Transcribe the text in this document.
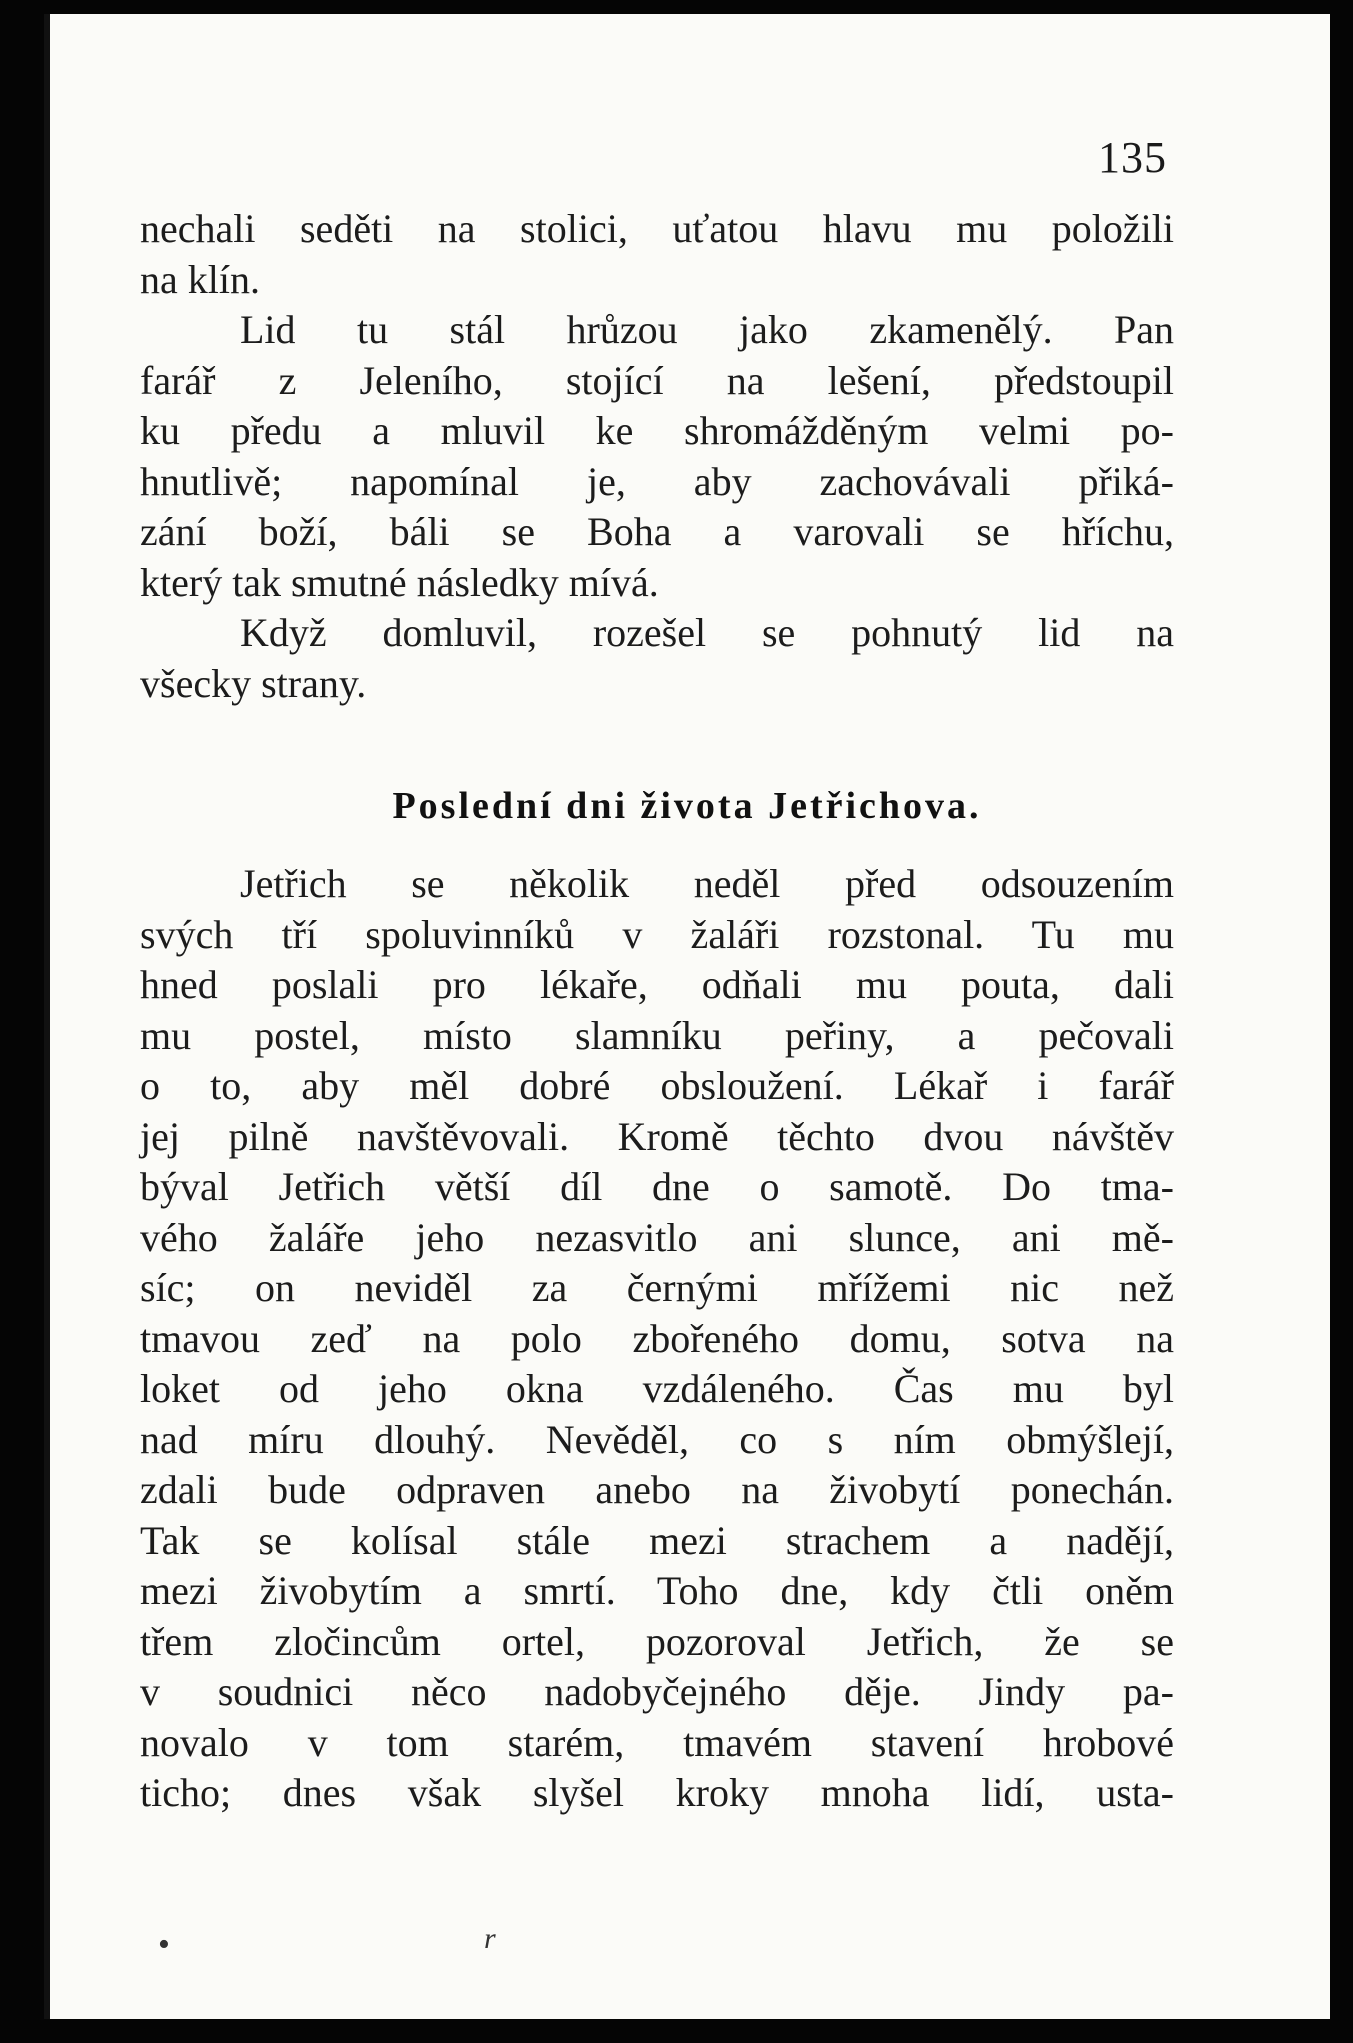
135
nechali seděti na stolici, uťatou hlavu mu položili
na klín.
Lid tu stál hrůzou jako zkamenělý. Pan
farář z Jeleního, stojící na lešení, předstoupil
ku předu a mluvil ke shromážděným velmi po-
hnutlivě; napomínal je, aby zachovávali přiká-
zání boží, báli se Boha a varovali se hříchu,
který tak smutné následky mívá.
Když domluvil, rozešel se pohnutý lid na
všecky strany.
Poslední dni života Jetřichova.
Jetřich se několik neděl před odsouzením
svých tří spoluvinníků v žaláři rozstonal. Tu mu
hned poslali pro lékaře, odňali mu pouta, dali
mu postel, místo slamníku peřiny, a pečovali
o to, aby měl dobré obsloužení. Lékař i farář
jej pilně navštěvovali. Kromě těchto dvou návštěv
býval Jetřich větší díl dne o samotě. Do tma-
vého žaláře jeho nezasvitlo ani slunce, ani mě-
síc; on neviděl za černými mřížemi nic než
tmavou zeď na polo zbořeného domu, sotva na
loket od jeho okna vzdáleného. Čas mu byl
nad míru dlouhý. Nevěděl, co s ním obmýšlejí,
zdali bude odpraven anebo na živobytí ponechán.
Tak se kolísal stále mezi strachem a nadějí,
mezi živobytím a smrtí. Toho dne, kdy čtli oněm
třem zločincům ortel, pozoroval Jetřich, že se
v soudnici něco nadobyčejného děje. Jindy pa-
novalo v tom starém, tmavém stavení hrobové
ticho; dnes však slyšel kroky mnoha lidí, usta-
•	r
